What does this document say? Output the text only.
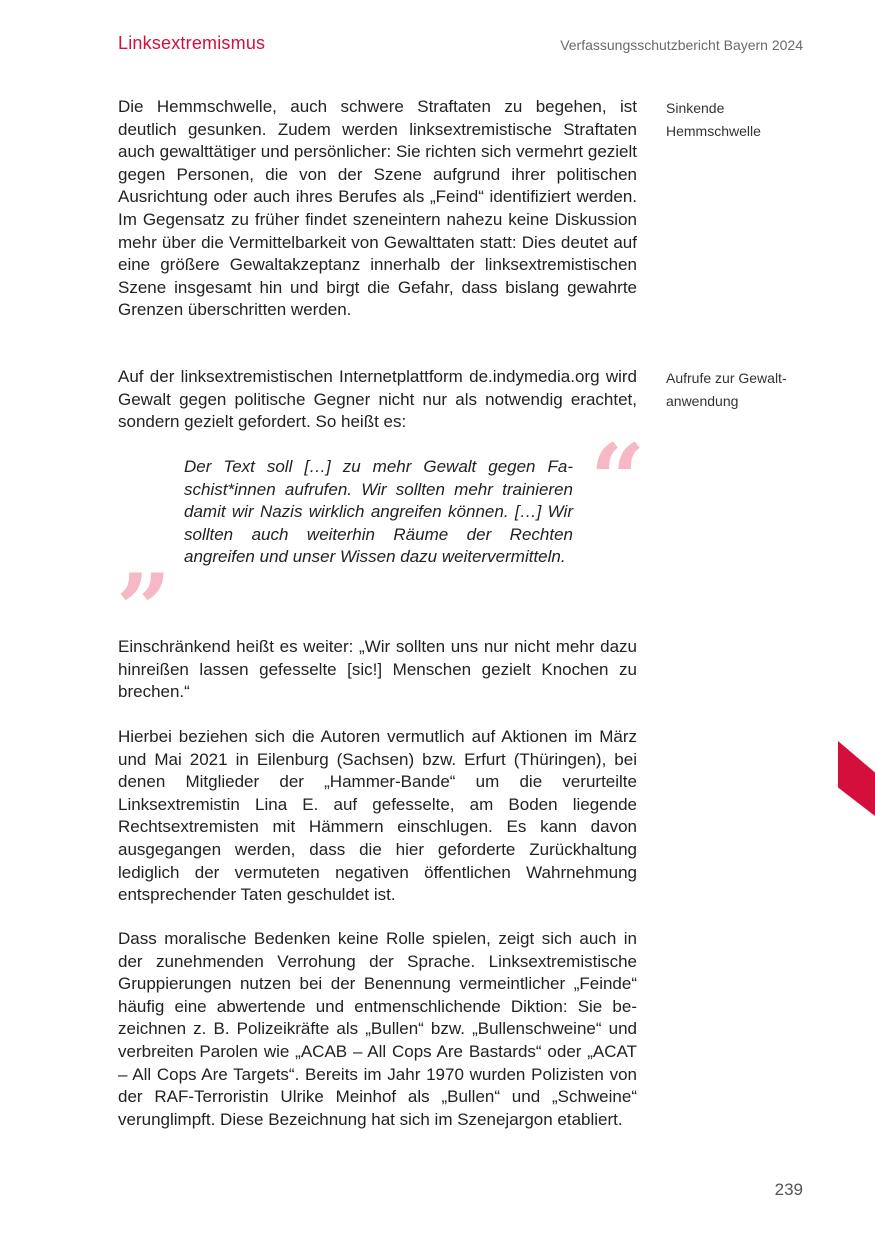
Linksextremismus	Verfassungsschutzbericht Bayern 2024

Die Hemmschwelle, auch schwere Straftaten zu begehen, ist deutlich gesunken. Zudem werden linksextremistische Straftaten auch gewalttätiger und persönlicher: Sie richten sich vermehrt gezielt gegen Personen, die von der Szene aufgrund ihrer politischen Ausrichtung oder auch ihres Berufes als „Feind“ identifiziert werden. Im Gegensatz zu früher findet szeneintern nahezu keine Diskussion mehr über die Vermittelbarkeit von Gewalttaten statt: Dies deutet auf eine größere Gewaltakzeptanz innerhalb der linksextremistischen Szene insgesamt hin und birgt die Gefahr, dass bislang gewahrte Grenzen überschritten werden.

Sinkende Hemmschwelle

Auf der linksextremistischen Internetplattform de.indymedia.org wird Gewalt gegen politische Gegner nicht nur als notwendig erachtet, sondern gezielt gefordert. So heißt es:

Aufrufe zur Gewalt- anwendung

“

Der Text soll […] zu mehr Gewalt gegen Faschist*innen aufrufen. Wir sollten mehr trainieren damit wir Nazis wirklich angreifen können. […] Wir sollten auch weiterhin Räume der Rechten angreifen und unser Wissen dazu weitervermitteln.

”

Einschränkend heißt es weiter: „Wir sollten uns nur nicht mehr dazu hinreißen lassen gefesselte [sic!] Menschen gezielt Knochen zu brechen.“

Hierbei beziehen sich die Autoren vermutlich auf Aktionen im März und Mai 2021 in Eilenburg (Sachsen) bzw. Erfurt (Thüringen), bei denen Mitglieder der „Hammer-Bande“ um die verurteilte Linksextremistin Lina E. auf gefesselte, am Boden liegende Rechtsextremisten mit Hämmern einschlugen. Es kann davon ausgegangen werden, dass die hier geforderte Zurückhaltung lediglich der vermuteten negativen öffentlichen Wahrnehmung entsprechender Taten geschuldet ist.

Dass moralische Bedenken keine Rolle spielen, zeigt sich auch in der zunehmenden Verrohung der Sprache. Linksextremistische Gruppierungen nutzen bei der Benennung vermeintlicher „Feinde“ häufig eine abwertende und entmenschlichende Diktion: Sie bezeichnen z. B. Polizeikräfte als „Bullen“ bzw. „Bullenschweine“ und verbreiten Parolen wie „ACAB – All Cops Are Bastards“ oder „ACAT – All Cops Are Targets“. Bereits im Jahr 1970 wurden Polizisten von der RAF-Terroristin Ulrike Meinhof als „Bullen“ und „Schweine“ verunglimpft. Diese Bezeichnung hat sich im Szenejargon etabliert.

239
